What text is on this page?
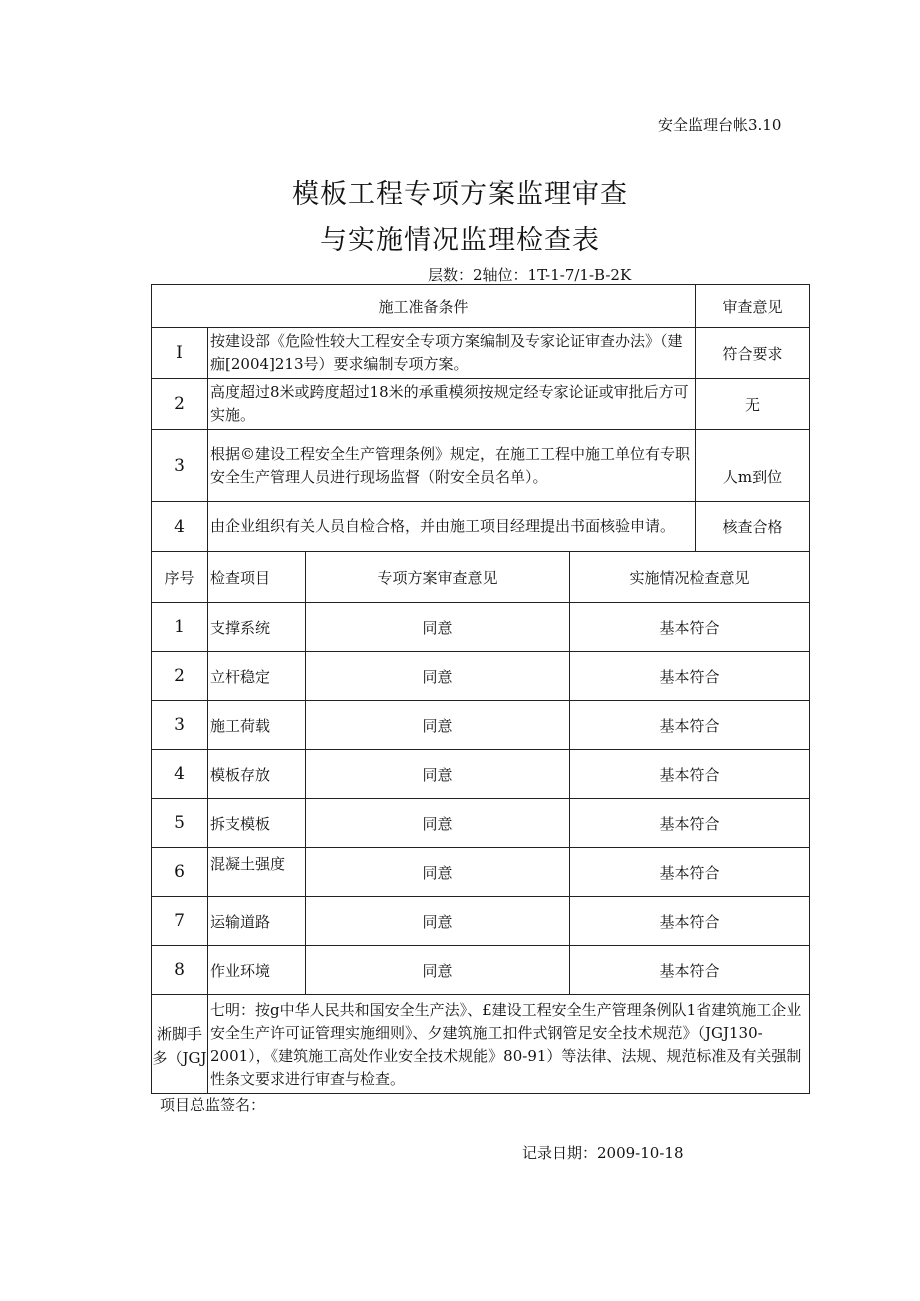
安全监理台帐3.10
模板工程专项方案监理审查
与实施情况监理检查表
层数：2轴位：1T-1-7/1-B-2K
施工准备条件				审查意见
I	按建设部《危险性较大工程安全专项方案编制及专家论证审查办法》（建痂[2004]213号）要求编制专项方案。			符合要求
2	高度超过8米或跨度超过18米的承重模须按规定经专家论证或审批后方可实施。			无
3	根据©建设工程安全生产管理条例》规定，在施工工程中施工单位有专职安全生产管理人员进行现场监督（附安全员名单）。			人m到位
4	由企业组织有关人员自检合格，并由施工项目经理提出书面核验申请。			核查合格
序号	检查项目	专项方案审查意见	实施情况检查意见	
1	支撑系统	同意	基本符合	
2	立杆稳定	同意	基本符合	
3	施工荷载	同意	基本符合	
4	模板存放	同意	基本符合	
5	拆支模板	同意	基本符合	
6	混凝土强度	同意	基本符合	
7	运输道路	同意	基本符合	
8	作业环境	同意	基本符合	
淅脚手多（JGJ	七明：按g中华人民共和国安全生产法》、£建设工程安全生产管理条例队1省建筑施工企业安全生产许可证管理实施细则》、夕建筑施工扣件式钢管足安全技术规范》（JGJ130-2001），《建筑施工高处作业安全技术规能》80-91）等法律、法规、规范标准及有关强制性条文要求进行审查与检查。			
项目总监签名：
记录日期：2009-10-18
